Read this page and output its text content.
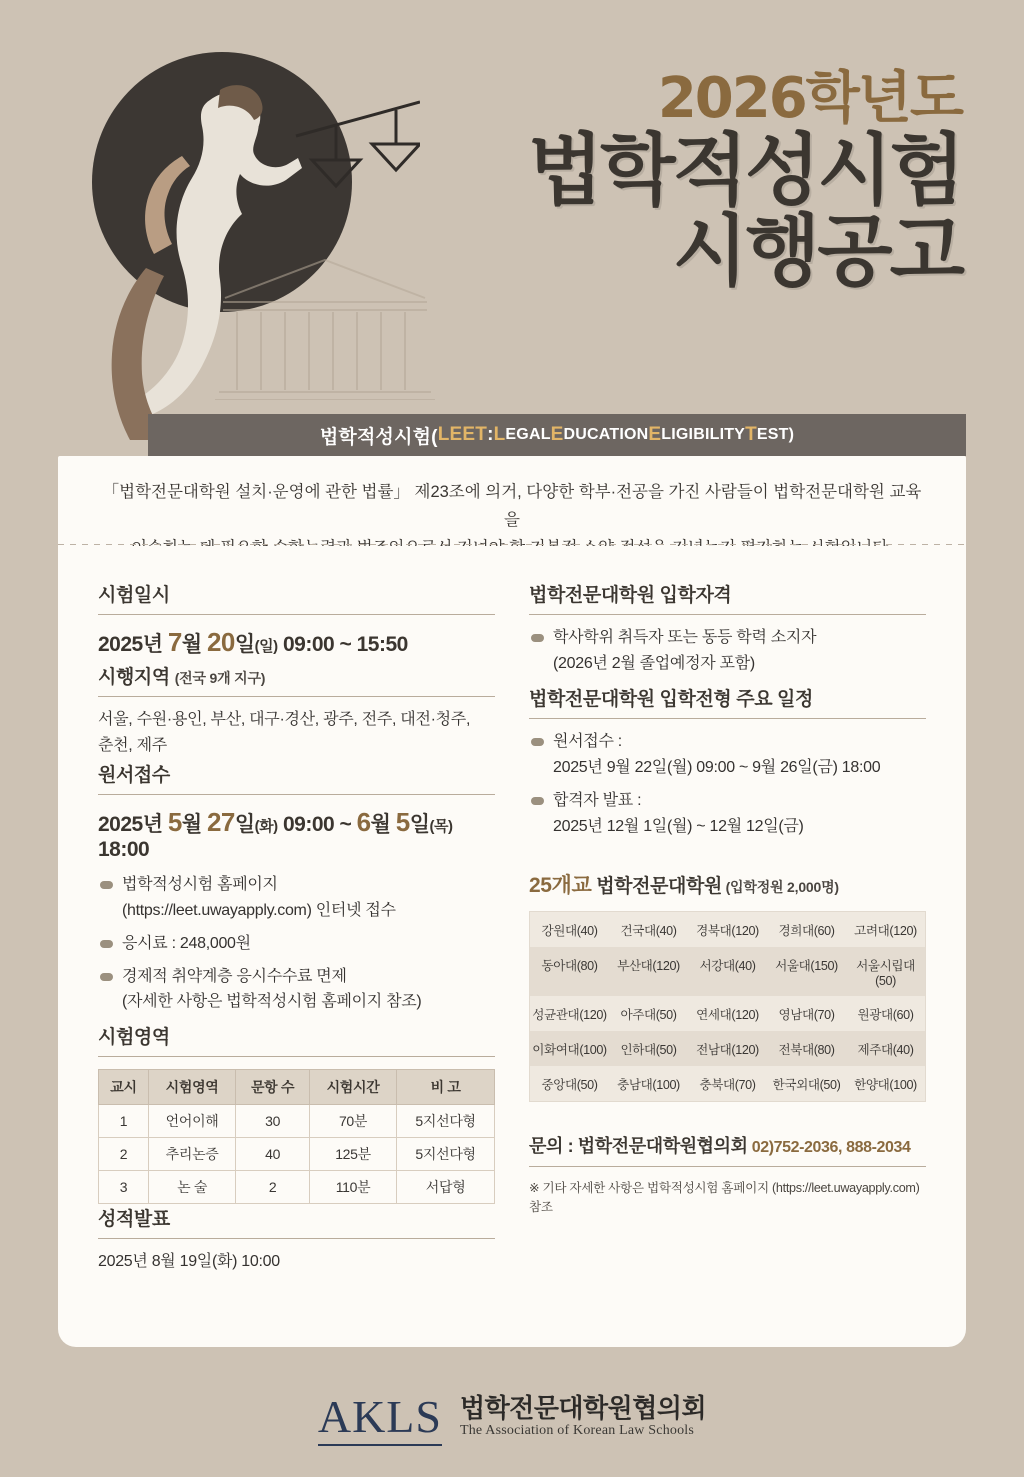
2026학년도
법학적성시험
시행공고
법학적성시험( LEET : L EGAL E DUCATION E LIGIBILITY T EST)
「법학전문대학원 설치·운영에 관한 법률」 제23조에 의거, 다양한 학부·전공을 가진 사람들이 법학전문대학원 교육을
시험일시
2025년 7월 20일(일) 09:00 ~ 15:50
시행지역 (전국 9개 지구)

서울, 수원·용인, 부산, 대구·경산, 광주, 전주, 대전·청주,
춘천, 제주

원서접수
2025년 5월 27일(화) 09:00 ~ 6월 5일(목) 18:00
법학적성시험 홈페이지
(https://leet.uwayapply.com) 인터넷 접수
응시료 : 248,000원
경제적 취약계층 응시수수료 면제
(자세한 사항은 법학적성시험 홈페이지 참조)
시험영역
교시	시험영역	문항 수	시험시간	비 고
1	언어이해	30	70분	5지선다형
2	추리논증	40	125분	5지선다형
3	논 술	2	110분	서답형
성적발표

2025년 8월 19일(화) 10:00

법학전문대학원 입학자격
학사학위 취득자 또는 동등 학력 소지자
(2026년 2월 졸업예정자 포함)
법학전문대학원 입학전형 주요 일정
원서접수 :
2025년 9월 22일(월) 09:00 ~ 9월 26일(금) 18:00
합격자 발표 :
2025년 12월 1일(월) ~ 12월 12일(금)
25개교 법학전문대학원 (입학정원 2,000명)
강원대(40)	건국대(40)	경북대(120)	경희대(60)	고려대(120)
동아대(80)	부산대(120)	서강대(40)	서울대(150)	서울시립대(50)
성균관대(120)	아주대(50)	연세대(120)	영남대(70)	원광대(60)
이화여대(100)	인하대(50)	전남대(120)	전북대(80)	제주대(40)
중앙대(50)	충남대(100)	충북대(70)	한국외대(50)	한양대(100)
문의 : 법학전문대학원협의회 02)752-2036, 888-2034
※ 기타 자세한 사항은 법학적성시험 홈페이지 (https://leet.uwayapply.com) 참조
AKLS 법학전문대학원협의회
The Association of Korean Law Schools
